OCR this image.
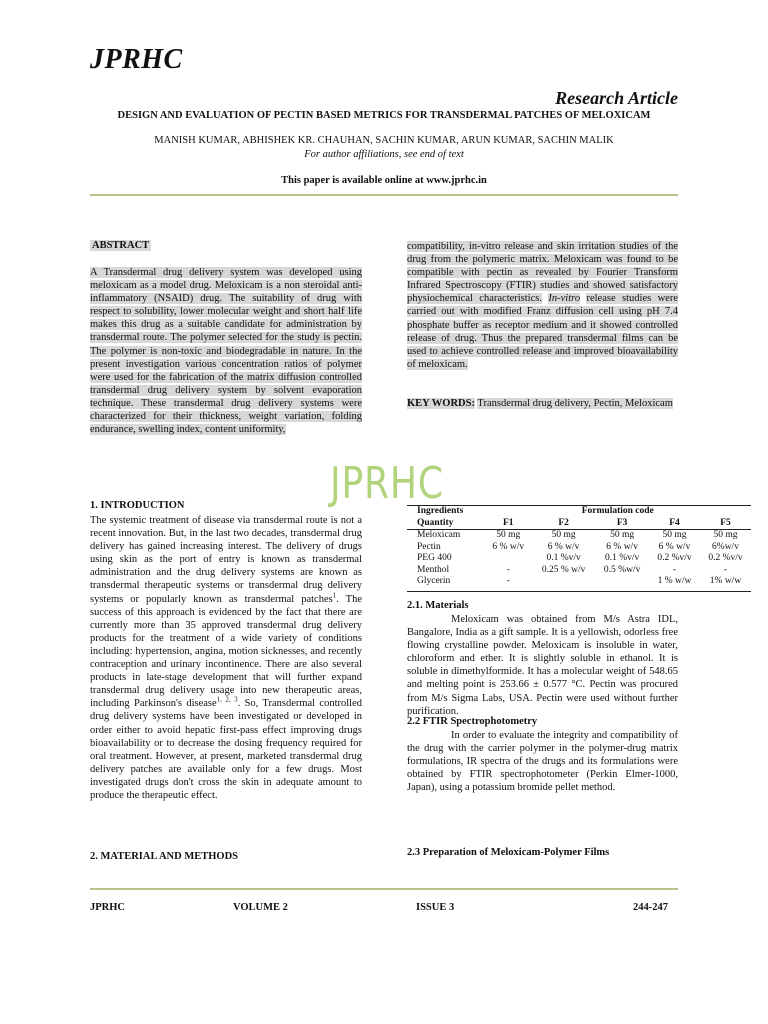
JPRHC
Research Article
DESIGN AND EVALUATION OF PECTIN BASED METRICS FOR TRANSDERMAL PATCHES OF MELOXICAM
MANISH KUMAR, ABHISHEK KR. CHAUHAN, SACHIN KUMAR, ARUN KUMAR, SACHIN MALIK
For author affiliations, see end of text
This paper is available online at www.jprhc.in
ABSTRACT
A Transdermal drug delivery system was developed using meloxicam as a model drug. Meloxicam is a non steroidal anti-inflammatory (NSAID) drug. The suitability of drug with respect to solubility, lower molecular weight and short half life makes this drug as a suitable candidate for administration by transdermal route. The polymer selected for the study is pectin. The polymer is non-toxic and biodegradable in nature. In the present investigation various concentration ratios of polymer were used for the fabrication of the matrix diffusion controlled transdermal drug delivery system by solvent evaporation technique. These transdermal drug delivery systems were characterized for their thickness, weight variation, folding endurance, swelling index, content uniformity,
compatibility, in-vitro release and skin irritation studies of the drug from the polymeric matrix. Meloxicam was found to be compatible with pectin as revealed by Fourier Transform Infrared Spectroscopy (FTIR) studies and showed satisfactory physiochemical characteristics. In-vitro release studies were carried out with modified Franz diffusion cell using pH 7.4 phosphate buffer as receptor medium and it showed controlled release of drug. Thus the prepared transdermal films can be used to achieve controlled release and improved bioavailability of meloxicam.
KEY WORDS: Transdermal drug delivery, Pectin, Meloxicam
JPRHC
1. INTRODUCTION
The systemic treatment of disease via transdermal route is not a recent innovation. But, in the last two decades, transdermal drug delivery has gained increasing interest. The delivery of drugs using skin as the port of entry is known as transdermal administration and the drug delivery systems are known as transdermal therapeutic systems or transdermal drug delivery systems or popularly known as transdermal patches$^1$. The success of this approach is evidenced by the fact that there are currently more than 35 approved transdermal drug delivery products for the treatment of a wide variety of conditions including: hypertension, angina, motion sicknesses, and recently contraception and urinary incontinence. There are also several products in late-stage development that will further expand transdermal drug delivery usage into new therapeutic areas, including Parkinson's disease$^{1, 2, 3}$. So, Transdermal controlled drug delivery systems have been investigated or developed in order either to avoid hepatic first-pass effect improving drugs bioavailability or to decrease the dosing frequency required for oral treatment. However, at present, marketed transdermal drug delivery patches are available only for a few drugs. Most investigated drugs don't cross the skin in adequate amount to produce the therapeutic effect.
2. MATERIAL AND METHODS
Ingredients	Formulation code				
Quantity	F1	F2	F3	F4	F5
Meloxicam	50 mg	50 mg	50 mg	50 mg	50 mg
Pectin	6 % w/v	6 % w/v	6 % w/v	6 % w/v	6%w/v
PEG 400		0.1 %v/v	0.1 %v/v	0.2 %v/v	0.2 %v/v
Menthol	-	0.25 % w/v	0.5 %w/v	-	-
Glycerin	-			1 % w/w	1% w/w
2.1. Materials
Meloxicam was obtained from M/s Astra IDL, Bangalore, India as a gift sample. It is a yellowish, odorless free flowing crystalline powder. Meloxicam is insoluble in water, chloroform and ether. It is slightly soluble in ethanol. It is soluble in dimethylformide. It has a molecular weight of 548.65 and melting point is 253.66 ± 0.577 °C. Pectin was procured from M/s Sigma Labs, USA. Pectin were used without further purification.
2.2 FTIR Spectrophotometry
In order to evaluate the integrity and compatibility of the drug with the carrier polymer in the polymer-drug matrix formulations, IR spectra of the drugs and its formulations were obtained by FTIR spectrophotometer (Perkin Elmer-1000, Japan), using a potassium bromide pellet method.
2.3 Preparation of Meloxicam-Polymer Films
JPRHC	VOLUME 2	ISSUE 3	244-247
